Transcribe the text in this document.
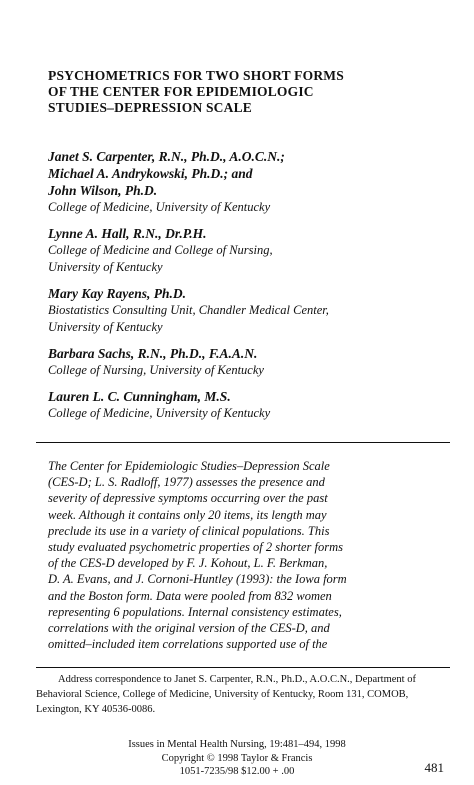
PSYCHOMETRICS FOR TWO SHORT FORMS
OF THE CENTER FOR EPIDEMIOLOGIC
STUDIES–DEPRESSION SCALE
Janet S. Carpenter, R.N., Ph.D., A.O.C.N.;
Michael A. Andrykowski, Ph.D.; and
John Wilson, Ph.D.
College of Medicine, University of Kentucky
Lynne A. Hall, R.N., Dr.P.H.
College of Medicine and College of Nursing,
University of Kentucky
Mary Kay Rayens, Ph.D.
Biostatistics Consulting Unit, Chandler Medical Center,
University of Kentucky
Barbara Sachs, R.N., Ph.D., F.A.A.N.
College of Nursing, University of Kentucky
Lauren L. C. Cunningham, M.S.
College of Medicine, University of Kentucky
The Center for Epidemiologic Studies–Depression Scale
(CES-D; L. S. Radloff, 1977) assesses the presence and
severity of depressive symptoms occurring over the past
week. Although it contains only 20 items, its length may
preclude its use in a variety of clinical populations. This
study evaluated psychometric properties of 2 shorter forms
of the CES-D developed by F. J. Kohout, L. F. Berkman,
D. A. Evans, and J. Cornoni-Huntley (1993): the Iowa form
and the Boston form. Data were pooled from 832 women
representing 6 populations. Internal consistency estimates,
correlations with the original version of the CES-D, and
omitted–included item correlations supported use of the
Address correspondence to Janet S. Carpenter, R.N., Ph.D., A.O.C.N., Department of Behavioral Science, College of Medicine, University of Kentucky, Room 131, COMOB, Lexington, KY 40536-0086.
Issues in Mental Health Nursing, 19:481–494, 1998
Copyright © 1998 Taylor & Francis
1051-7235/98 $12.00 + .00	481
